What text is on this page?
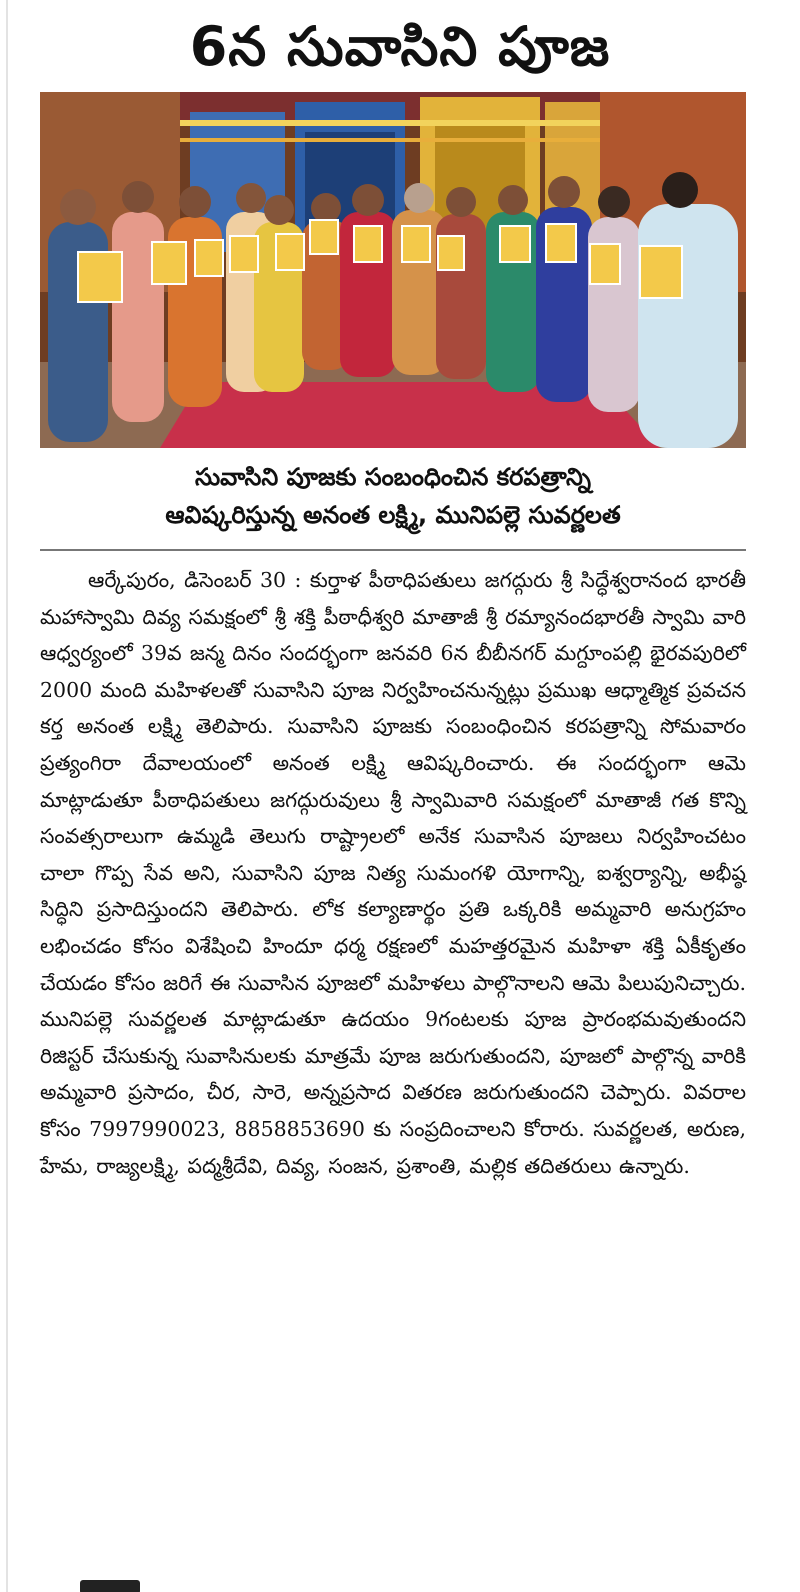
6న సువాసిని పూజ
సువాసిని పూజకు సంబంధించిన కరపత్రాన్ని
ఆవిష్కరిస్తున్న అనంత లక్ష్మి, మునిపల్లె సువర్ణలత

ఆర్కేపురం, డిసెంబర్ 30 : కుర్తాళ పీఠాధిపతులు జగద్గురు శ్రీ సిద్ధేశ్వరానంద భారతీ మహాస్వామి దివ్య సమక్షంలో శ్రీ శక్తి పీఠాధీశ్వరి మాతాజీ శ్రీ రమ్యానందభారతీ స్వామి వారి ఆధ్వర్యంలో 39వ జన్మ దినం సందర్భంగా జనవరి 6న బీబీనగర్ మగ్దూంపల్లి భైరవపురిలో 2000 మంది మహిళలతో సువాసిని పూజ నిర్వహించనున్నట్లు ప్రముఖ ఆధ్మాత్మిక ప్రవచన కర్త అనంత లక్ష్మి తెలిపారు. సువాసిని పూజకు సంబంధించిన కరపత్రాన్ని సోమవారం ప్రత్యంగిరా దేవాలయంలో అనంత లక్ష్మి ఆవిష్కరించారు. ఈ సందర్భంగా ఆమె మాట్లాడుతూ పీఠాధిపతులు జగద్గురువులు శ్రీ స్వామివారి సమక్షంలో మాతాజీ గత కొన్ని సంవత్సరాలుగా ఉమ్మడి తెలుగు రాష్ట్రాలలో అనేక సువాసిన పూజలు నిర్వహించటం చాలా గొప్ప సేవ అని, సువాసిని పూజ నిత్య సుమంగళి యోగాన్ని, ఐశ్వర్యాన్ని, అభీష్ఠ సిద్ధిని ప్రసాదిస్తుందని తెలిపారు. లోక కల్యాణార్థం ప్రతి ఒక్కరికి అమ్మవారి అనుగ్రహం లభించడం కోసం విశేషించి హిందూ ధర్మ రక్షణలో మహత్తరమైన మహిళా శక్తి ఏకీకృతం చేయడం కోసం జరిగే ఈ సువాసిన పూజలో మహిళలు పాల్గొనాలని ఆమె పిలుపునిచ్చారు. మునిపల్లె సువర్ణలత మాట్లాడుతూ ఉదయం 9గంటలకు పూజ ప్రారంభమవుతుందని రిజిస్టర్ చేసుకున్న సువాసినులకు మాత్రమే పూజ జరుగుతుందని, పూజలో పాల్గొన్న వారికి అమ్మవారి ప్రసాదం, చీర, సారె, అన్నప్రసాద వితరణ జరుగుతుందని చెప్పారు. వివరాల కోసం 7997990023, 8858853690 కు సంప్రదించాలని కోరారు. సువర్ణలత, అరుణ, హేమ, రాజ్యలక్ష్మి, పద్మశ్రీదేవి, దివ్య, సంజన, ప్రశాంతి, మల్లిక తదితరులు ఉన్నారు.
